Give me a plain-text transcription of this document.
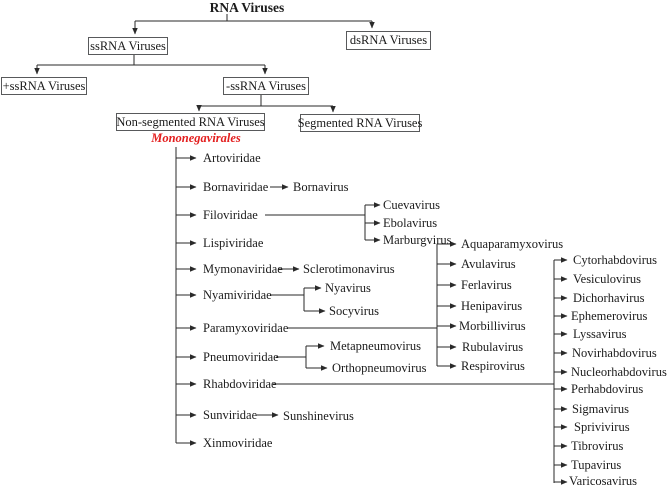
RNA Viruses
ssRNA Viruses	dsRNA Viruses
+ssRNA Viruses	-ssRNA Viruses
Non-segmented RNA Viruses	Segmented RNA Viruses
Mononegavirales
Artoviridae
Bornaviridae
Filoviridae
Lispiviridae
Mymonaviridae
Nyamiviridae
Paramyxoviridae
Pneumoviridae
Rhabdoviridae
Sunviridae
Xinmoviridae
Bornavirus
Cuevavirus
Ebolavirus
Marburgvirus
Sclerotimonavirus
Nyavirus
Socyvirus
Aquaparamyxovirus
Avulavirus
Ferlavirus
Henipavirus
Morbillivirus
Rubulavirus
Respirovirus
Metapneumovirus
Orthopneumovirus
Cytorhabdovirus
Vesiculovirus
Dichorhavirus
Ephemerovirus
Lyssavirus
Novirhabdovirus
Nucleorhabdovirus
Perhabdovirus
Sigmavirus
Sprivivirus
Tibrovirus
Tupavirus
Varicosavirus
Sunshinevirus
